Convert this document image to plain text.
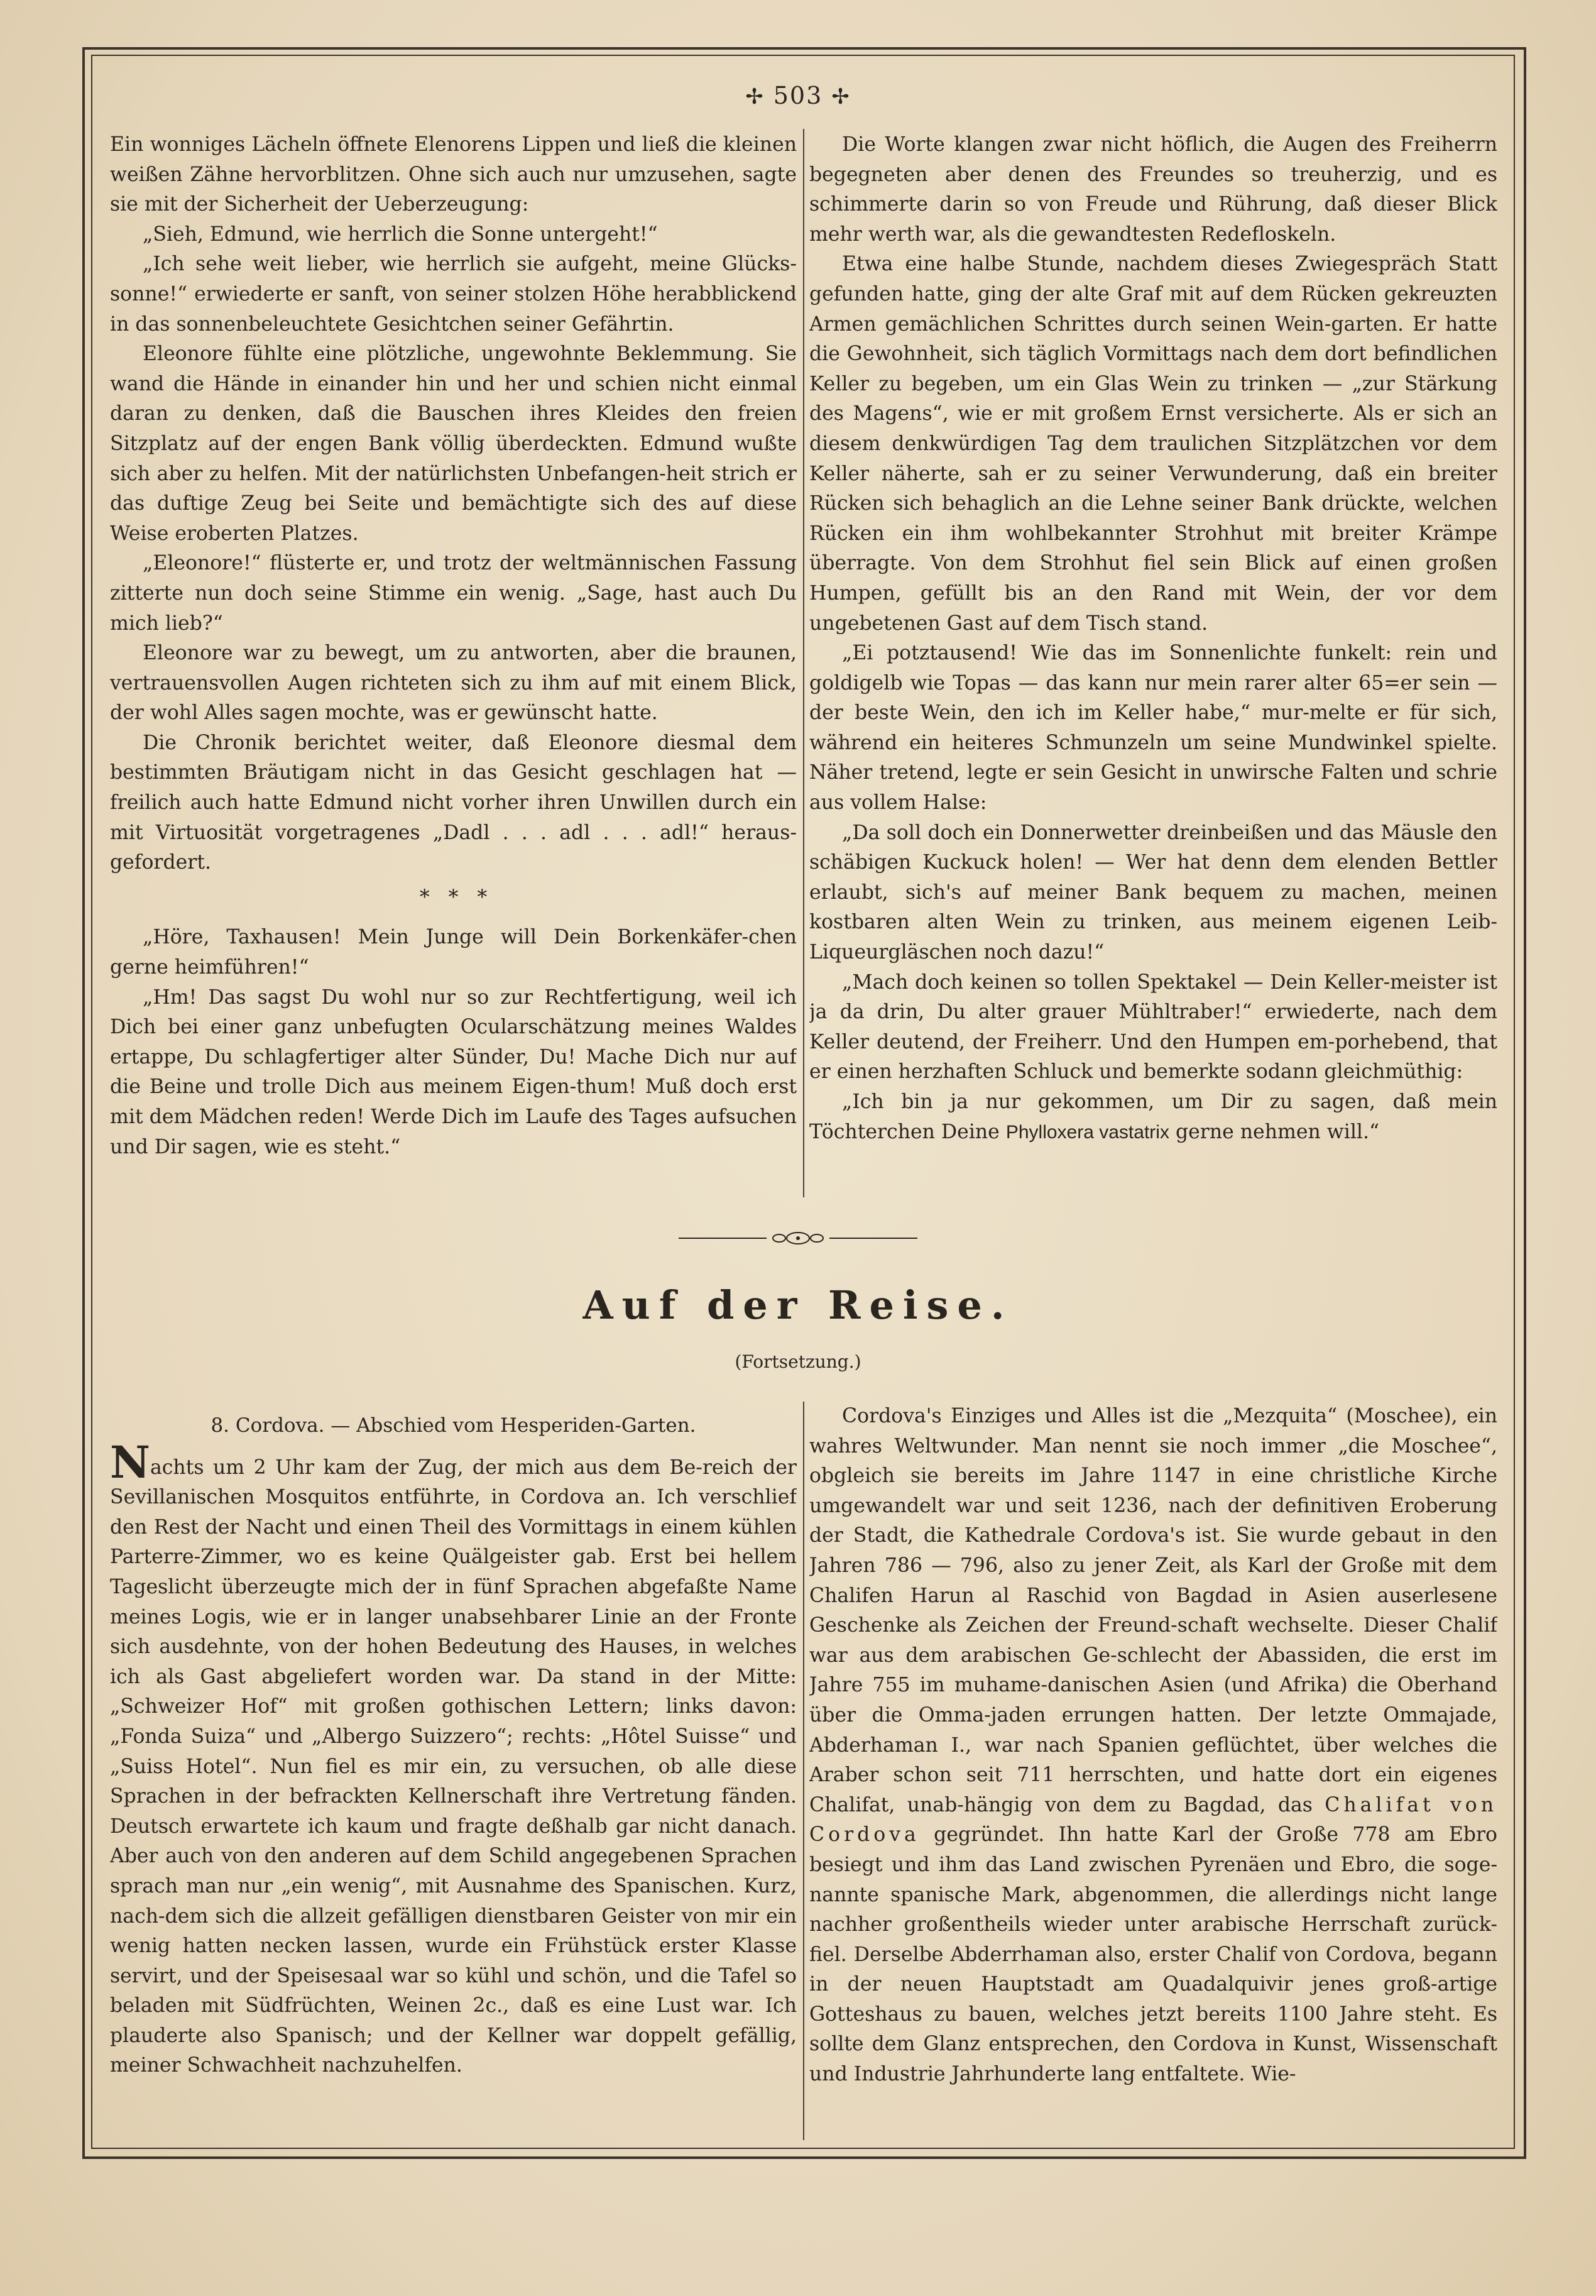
✢ 503 ✢

Ein wonniges Lächeln öffnete Elenorens Lippen und ließ die kleinen weißen Zähne hervorblitzen. Ohne sich auch nur umzusehen, sagte sie mit der Sicherheit der Ueberzeugung:

„Sieh, Edmund, wie herrlich die Sonne untergeht!“

„Ich sehe weit lieber, wie herrlich sie aufgeht, meine Glücks-sonne!“ erwiederte er sanft, von seiner stolzen Höhe herabblickend in das sonnenbeleuchtete Gesichtchen seiner Gefährtin.

Eleonore fühlte eine plötzliche, ungewohnte Beklemmung. Sie wand die Hände in einander hin und her und schien nicht einmal daran zu denken, daß die Bauschen ihres Kleides den freien Sitzplatz auf der engen Bank völlig überdeckten. Edmund wußte sich aber zu helfen. Mit der natürlichsten Unbefangen-heit strich er das duftige Zeug bei Seite und bemächtigte sich des auf diese Weise eroberten Platzes.

„Eleonore!“ flüsterte er, und trotz der weltmännischen Fassung zitterte nun doch seine Stimme ein wenig. „Sage, hast auch Du mich lieb?“

Eleonore war zu bewegt, um zu antworten, aber die braunen, vertrauensvollen Augen richteten sich zu ihm auf mit einem Blick, der wohl Alles sagen mochte, was er gewünscht hatte.

Die Chronik berichtet weiter, daß Eleonore diesmal dem bestimmten Bräutigam nicht in das Gesicht geschlagen hat — freilich auch hatte Edmund nicht vorher ihren Unwillen durch ein mit Virtuosität vorgetragenes „Dadl . . . adl . . . adl!“ heraus-gefordert.

*   *   *

„Höre, Taxhausen! Mein Junge will Dein Borkenkäfer-chen gerne heimführen!“

„Hm! Das sagst Du wohl nur so zur Rechtfertigung, weil ich Dich bei einer ganz unbefugten Ocularschätzung meines Waldes ertappe, Du schlagfertiger alter Sünder, Du! Mache Dich nur auf die Beine und trolle Dich aus meinem Eigen-thum! Muß doch erst mit dem Mädchen reden! Werde Dich im Laufe des Tages aufsuchen und Dir sagen, wie es steht.“

Die Worte klangen zwar nicht höflich, die Augen des Freiherrn begegneten aber denen des Freundes so treuherzig, und es schimmerte darin so von Freude und Rührung, daß dieser Blick mehr werth war, als die gewandtesten Redefloskeln.

Etwa eine halbe Stunde, nachdem dieses Zwiegespräch Statt gefunden hatte, ging der alte Graf mit auf dem Rücken gekreuzten Armen gemächlichen Schrittes durch seinen Wein-garten. Er hatte die Gewohnheit, sich täglich Vormittags nach dem dort befindlichen Keller zu begeben, um ein Glas Wein zu trinken — „zur Stärkung des Magens“, wie er mit großem Ernst versicherte. Als er sich an diesem denkwürdigen Tag dem traulichen Sitzplätzchen vor dem Keller näherte, sah er zu seiner Verwunderung, daß ein breiter Rücken sich behaglich an die Lehne seiner Bank drückte, welchen Rücken ein ihm wohlbekannter Strohhut mit breiter Krämpe überragte. Von dem Strohhut fiel sein Blick auf einen großen Humpen, gefüllt bis an den Rand mit Wein, der vor dem ungebetenen Gast auf dem Tisch stand.

„Ei potztausend! Wie das im Sonnenlichte funkelt: rein und goldigelb wie Topas — das kann nur mein rarer alter 65=er sein — der beste Wein, den ich im Keller habe,“ mur-melte er für sich, während ein heiteres Schmunzeln um seine Mundwinkel spielte. Näher tretend, legte er sein Gesicht in unwirsche Falten und schrie aus vollem Halse:

„Da soll doch ein Donnerwetter dreinbeißen und das Mäusle den schäbigen Kuckuck holen! — Wer hat denn dem elenden Bettler erlaubt, sich's auf meiner Bank bequem zu machen, meinen kostbaren alten Wein zu trinken, aus meinem eigenen Leib-Liqueurgläschen noch dazu!“

„Mach doch keinen so tollen Spektakel — Dein Keller-meister ist ja da drin, Du alter grauer Mühltraber!“ erwiederte, nach dem Keller deutend, der Freiherr. Und den Humpen em-porhebend, that er einen herzhaften Schluck und bemerkte sodann gleichmüthig:

„Ich bin ja nur gekommen, um Dir zu sagen, daß mein Töchterchen Deine Phylloxera vastatrix gerne nehmen will.“

Auf der Reise.
(Fortsetzung.)
8. Cordova. — Abschied vom Hesperiden-Garten.

Nachts um 2 Uhr kam der Zug, der mich aus dem Be-reich der Sevillanischen Mosquitos entführte, in Cordova an. Ich verschlief den Rest der Nacht und einen Theil des Vormittags in einem kühlen Parterre-Zimmer, wo es keine Quälgeister gab. Erst bei hellem Tageslicht überzeugte mich der in fünf Sprachen abgefaßte Name meines Logis, wie er in langer unabsehbarer Linie an der Fronte sich ausdehnte, von der hohen Bedeutung des Hauses, in welches ich als Gast abgeliefert worden war. Da stand in der Mitte: „Schweizer Hof“ mit großen gothischen Lettern; links davon: „Fonda Suiza“ und „Albergo Suizzero“; rechts: „Hôtel Suisse“ und „Suiss Hotel“. Nun fiel es mir ein, zu versuchen, ob alle diese Sprachen in der befrackten Kellnerschaft ihre Vertretung fänden. Deutsch erwartete ich kaum und fragte deßhalb gar nicht danach. Aber auch von den anderen auf dem Schild angegebenen Sprachen sprach man nur „ein wenig“, mit Ausnahme des Spanischen. Kurz, nach-dem sich die allzeit gefälligen dienstbaren Geister von mir ein wenig hatten necken lassen, wurde ein Frühstück erster Klasse servirt, und der Speisesaal war so kühl und schön, und die Tafel so beladen mit Südfrüchten, Weinen 2c., daß es eine Lust war. Ich plauderte also Spanisch; und der Kellner war doppelt gefällig, meiner Schwachheit nachzuhelfen.

Cordova's Einziges und Alles ist die „Mezquita“ (Moschee), ein wahres Weltwunder. Man nennt sie noch immer „die Moschee“, obgleich sie bereits im Jahre 1147 in eine christliche Kirche umgewandelt war und seit 1236, nach der definitiven Eroberung der Stadt, die Kathedrale Cordova's ist. Sie wurde gebaut in den Jahren 786 — 796, also zu jener Zeit, als Karl der Große mit dem Chalifen Harun al Raschid von Bagdad in Asien auserlesene Geschenke als Zeichen der Freund-schaft wechselte. Dieser Chalif war aus dem arabischen Ge-schlecht der Abassiden, die erst im Jahre 755 im muhame-danischen Asien (und Afrika) die Oberhand über die Omma-jaden errungen hatten. Der letzte Ommajade, Abderhaman I., war nach Spanien geflüchtet, über welches die Araber schon seit 711 herrschten, und hatte dort ein eigenes Chalifat, unab-hängig von dem zu Bagdad, das Chalifat von Cordova gegründet. Ihn hatte Karl der Große 778 am Ebro besiegt und ihm das Land zwischen Pyrenäen und Ebro, die soge-nannte spanische Mark, abgenommen, die allerdings nicht lange nachher großentheils wieder unter arabische Herrschaft zurück-fiel. Derselbe Abderrhaman also, erster Chalif von Cordova, begann in der neuen Hauptstadt am Quadalquivir jenes groß-artige Gotteshaus zu bauen, welches jetzt bereits 1100 Jahre steht. Es sollte dem Glanz entsprechen, den Cordova in Kunst, Wissenschaft und Industrie Jahrhunderte lang entfaltete. Wie-
